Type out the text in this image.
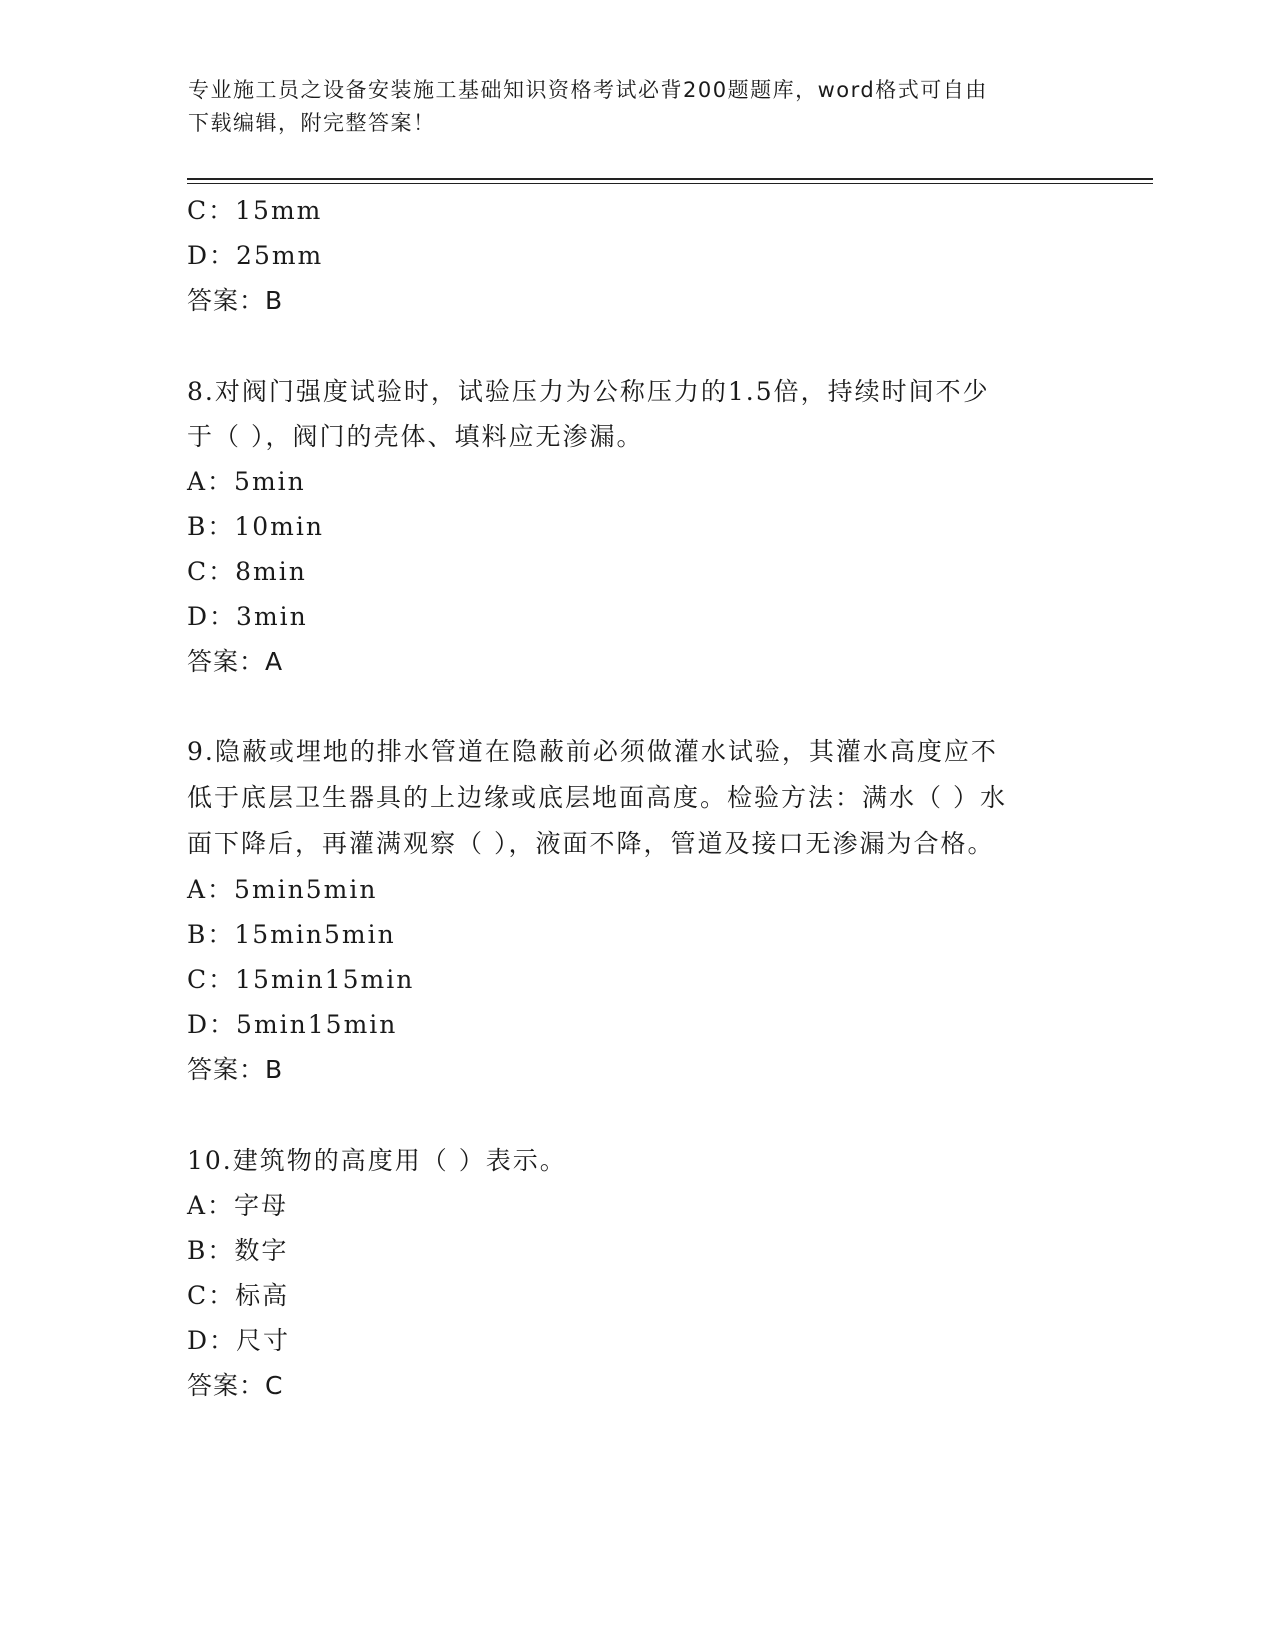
专业施工员之设备安装施工基础知识资格考试必背200题题库，word格式可自由
下载编辑，附完整答案！
C：15mm
D：25mm
答案：B
8.对阀门强度试验时，试验压力为公称压力的1.5倍，持续时间不少
于（ ），阀门的壳体、填料应无渗漏。
A：5min
B：10min
C：8min
D：3min
答案：A
9.隐蔽或埋地的排水管道在隐蔽前必须做灌水试验，其灌水高度应不
低于底层卫生器具的上边缘或底层地面高度。检验方法：满水（ ）水
面下降后，再灌满观察（ ），液面不降，管道及接口无渗漏为合格。
A：5min5min
B：15min5min
C：15min15min
D：5min15min
答案：B
10.建筑物的高度用（ ）表示。
A：字母
B：数字
C：标高
D：尺寸
答案：C
